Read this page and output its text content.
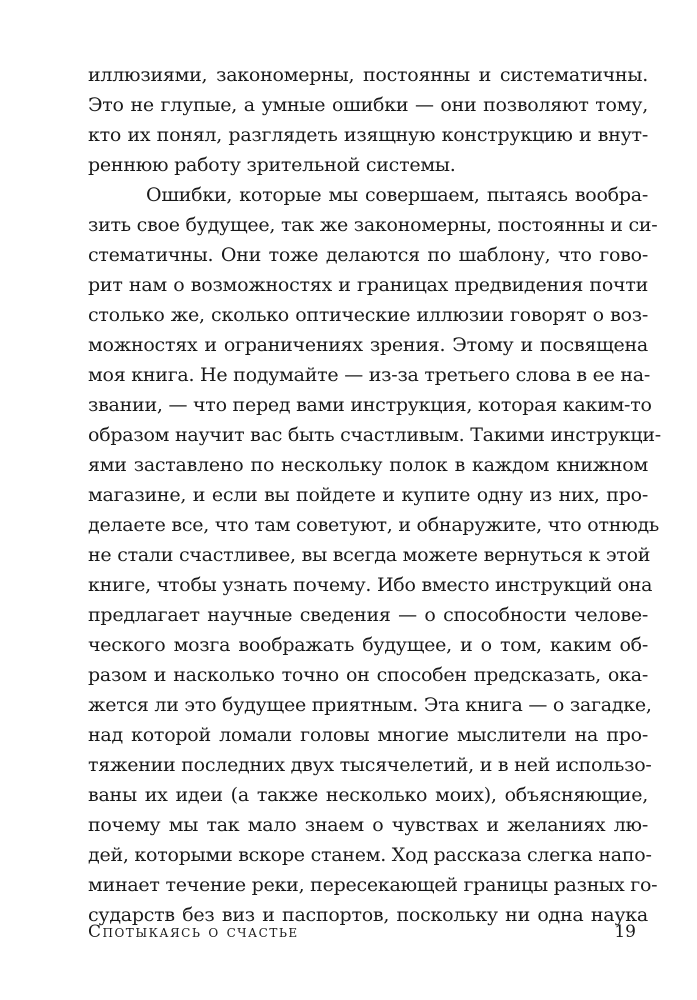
иллюзиями, закономерны, постоянны и систематичны.
Это не глупые, а умные ошибки — они позволяют тому,
кто их понял, разглядеть изящную конструкцию и внут-
реннюю работу зрительной системы.
Ошибки, которые мы совершаем, пытаясь вообра-
зить свое будущее, так же закономерны, постоянны и си-
стематичны. Они тоже делаются по шаблону, что гово-
рит нам о возможностях и границах предвидения почти
столько же, сколько оптические иллюзии говорят о воз-
можностях и ограничениях зрения. Этому и посвящена
моя книга. Не подумайте — из-за третьего слова в ее на-
звании, — что перед вами инструкция, которая каким-то
образом научит вас быть счастливым. Такими инструкци-
ями заставлено по нескольку полок в каждом книжном
магазине, и если вы пойдете и купите одну из них, про-
делаете все, что там советуют, и обнаружите, что отнюдь
не стали счастливее, вы всегда можете вернуться к этой
книге, чтобы узнать почему. Ибо вместо инструкций она
предлагает научные сведения — о способности челове-
ческого мозга воображать будущее, и о том, каким об-
разом и насколько точно он способен предсказать, ока-
жется ли это будущее приятным. Эта книга — о загадке,
над которой ломали головы многие мыслители на про-
тяжении последних двух тысячелетий, и в ней использо-
ваны их идеи (а также несколько моих), объясняющие,
почему мы так мало знаем о чувствах и желаниях лю-
дей, которыми вскоре станем. Ход рассказа слегка напо-
минает течение реки, пересекающей границы разных го-
сударств без виз и паспортов, поскольку ни одна наука
Спотыкаясь о счастье	19
